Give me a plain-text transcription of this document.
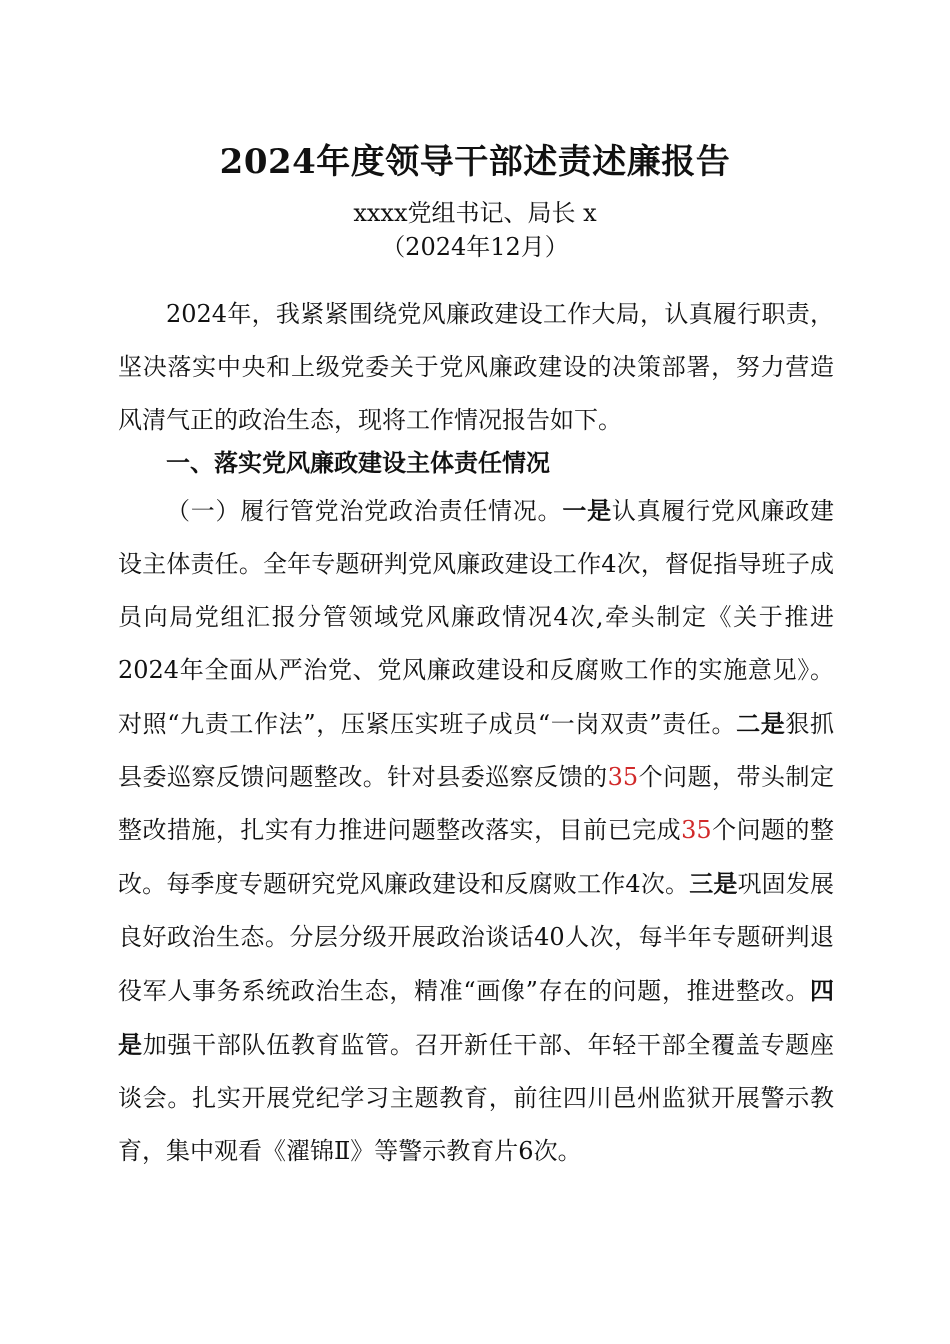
2024年度领导干部述责述廉报告
xxxx党组书记、局长 x
（2024年12月）

2024年，我紧紧围绕党风廉政建设工作大局，认真履行职责，坚决落实中央和上级党委关于党风廉政建设的决策部署，努力营造风清气正的政治生态，现将工作情况报告如下。

一、落实党风廉政建设主体责任情况

（一）履行管党治党政治责任情况。一是认真履行党风廉政建设主体责任。全年专题研判党风廉政建设工作4次，督促指导班子成员向局党组汇报分管领域党风廉政情况4次,牵头制定《关于推进2024年全面从严治党、党风廉政建设和反腐败工作的实施意见》。对照“九责工作法”，压紧压实班子成员“一岗双责”责任。二是狠抓县委巡察反馈问题整改。针对县委巡察反馈的35个问题，带头制定整改措施，扎实有力推进问题整改落实，目前已完成35个问题的整改。每季度专题研究党风廉政建设和反腐败工作4次。三是巩固发展良好政治生态。分层分级开展政治谈话40人次，每半年专题研判退役军人事务系统政治生态，精准“画像”存在的问题，推进整改。四是加强干部队伍教育监管。召开新任干部、年轻干部全覆盖专题座谈会。扎实开展党纪学习主题教育，前往四川邑州监狱开展警示教育，集中观看《濯锦Ⅱ》等警示教育片6次。
